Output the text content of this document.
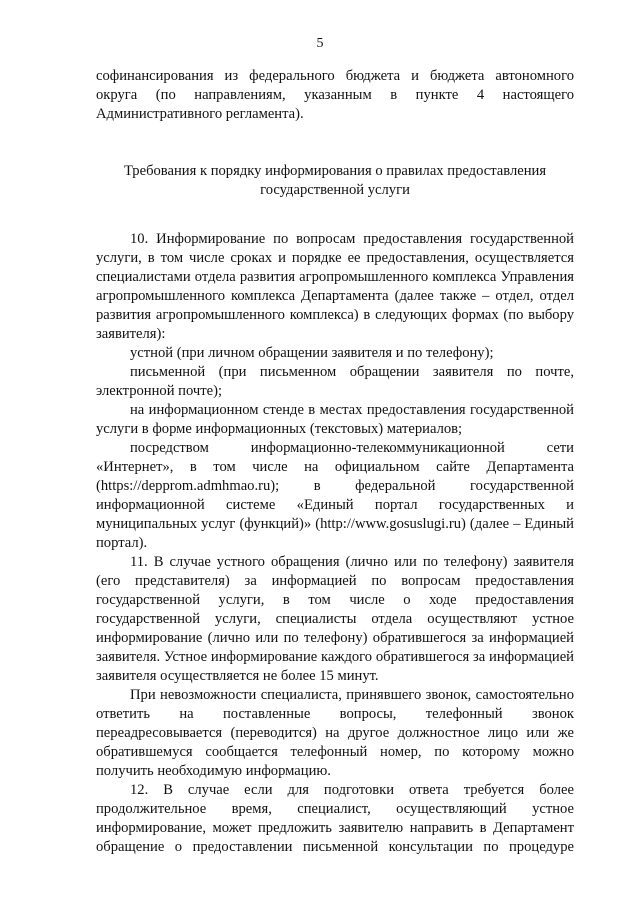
5

софинансирования из федерального бюджета и бюджета автономного округа (по направлениям, указанным в пункте 4 настоящего Административного регламента).

Требования к порядку информирования о правилах предоставления
государственной услуги

10. Информирование по вопросам предоставления государственной услуги, в том числе сроках и порядке ее предоставления, осуществляется специалистами отдела развития агропромышленного комплекса Управления агропромышленного комплекса Департамента (далее также – отдел, отдел развития агропромышленного комплекса) в следующих формах (по выбору заявителя):

устной (при личном обращении заявителя и по телефону);

письменной (при письменном обращении заявителя по почте, электронной почте);

на информационном стенде в местах предоставления государственной услуги в форме информационных (текстовых) материалов;

посредством информационно-телекоммуникационной сети «Интернет», в том числе на официальном сайте Департамента (https://depprom.admhmao.ru); в федеральной государственной информационной системе «Единый портал государственных и муниципальных услуг (функций)» (http://www.gosuslugi.ru) (далее – Единый портал).

11. В случае устного обращения (лично или по телефону) заявителя (его представителя) за информацией по вопросам предоставления государственной услуги, в том числе о ходе предоставления государственной услуги, специалисты отдела осуществляют устное информирование (лично или по телефону) обратившегося за информацией заявителя. Устное информирование каждого обратившегося за информацией заявителя осуществляется не более 15 минут.

При невозможности специалиста, принявшего звонок, самостоятельно ответить на поставленные вопросы, телефонный звонок переадресовывается (переводится) на другое должностное лицо или же обратившемуся сообщается телефонный номер, по которому можно получить необходимую информацию.

12. В случае если для подготовки ответа требуется более продолжительное время, специалист, осуществляющий устное информирование, может предложить заявителю направить в Департамент обращение о предоставлении письменной консультации по процедуре
